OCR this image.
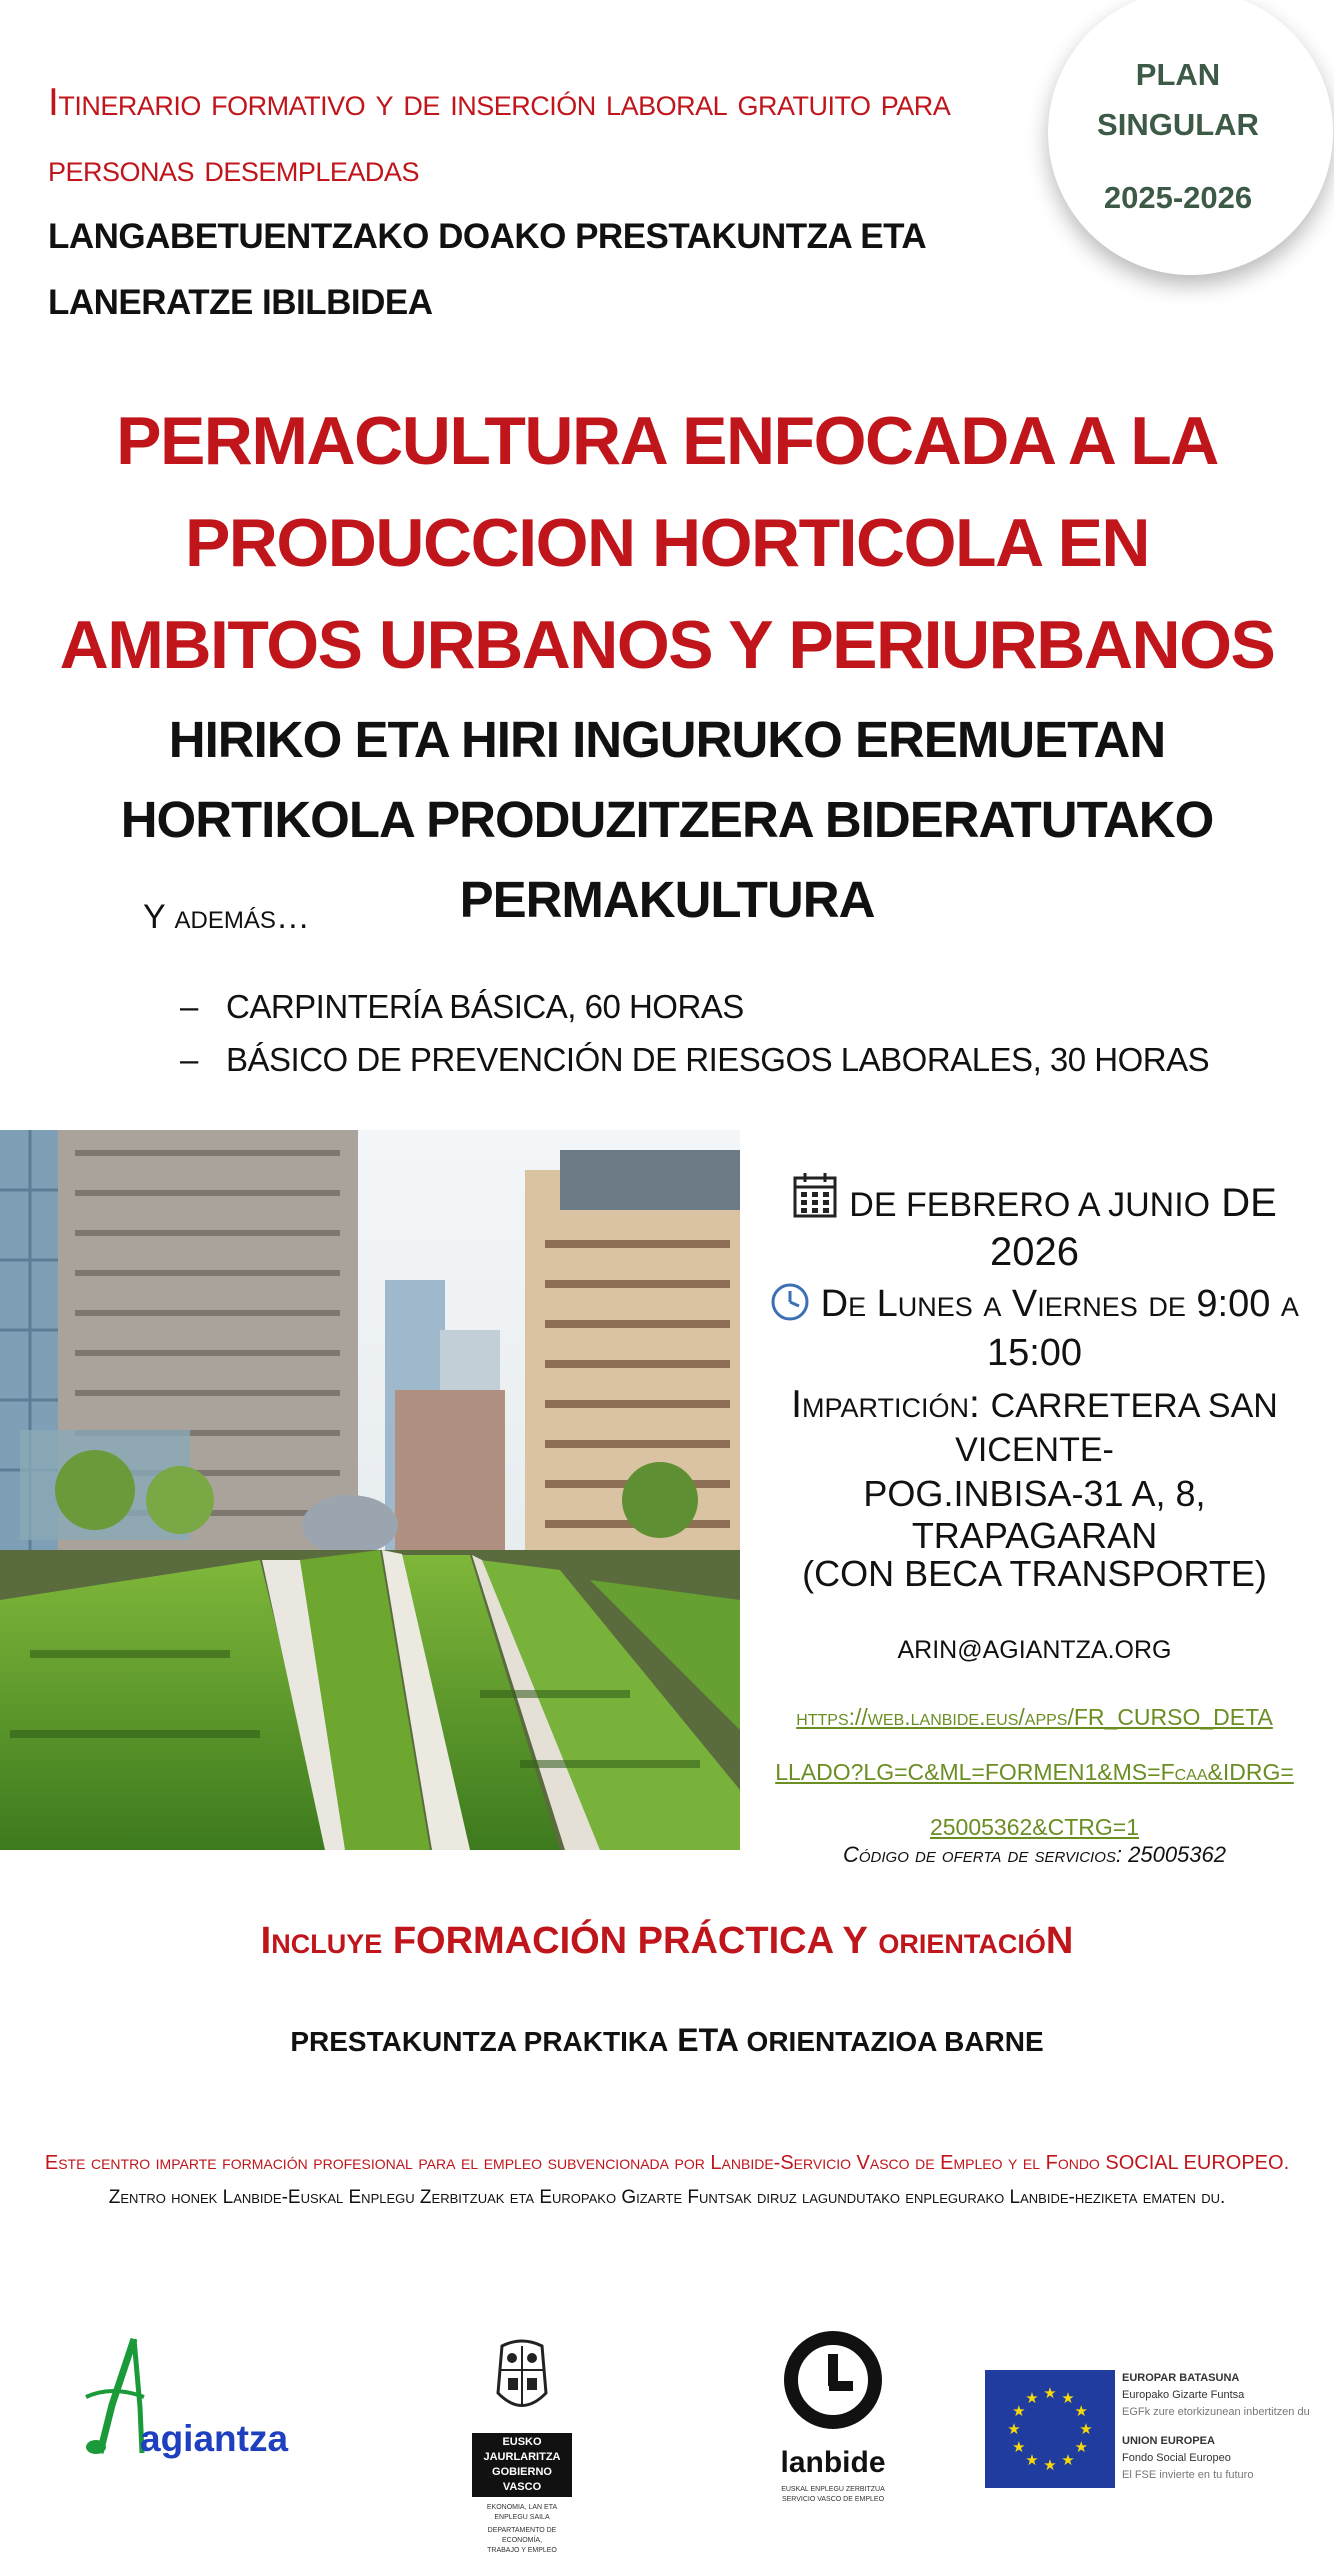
Itinerario formativo y de inserción laboral gratuito para personas desempleadas
LANGABETUENTZAKO DOAKO PRESTAKUNTZA ETA LANERATZE IBILBIDEA
PLAN
SINGULAR
2025-2026
PERMACULTURA ENFOCADA A LA PRODUCCION HORTICOLA EN AMBITOS URBANOS Y PERIURBANOS
HIRIKO ETA HIRI INGURUKO EREMUETAN HORTIKOLA PRODUZITZERA BIDERATUTAKO PERMAKULTURA
Y además…
– CARPINTERÍA BÁSICA, 60 HORAS
– BÁSICO DE PREVENCIÓN DE RIESGOS LABORALES, 30 HORAS
DE FEBRERO A JUNIO DE 2026
De Lunes a Viernes de 9:00 a 15:00
Impartición: CARRETERA SAN VICENTE-
POG.INBISA-31 A, 8, TRAPAGARAN
(CON BECA TRANSPORTE)
ARIN@AGIANTZA.ORG
https://web.lanbide.eus/apps/FR_CURSO_DETA
LLADO?LG=C&ML=FORMEN1&MS=Fcaa&IDRG=
25005362&CTRG=1
Código de oferta de servicios: 25005362
Incluye FORMACIÓN PRÁCTICA Y orientacióN
PRESTAKUNTZA PRAKTIKA ETA ORIENTAZIOA BARNE
Este centro imparte formación profesional para el empleo subvencionada por Lanbide-Servicio Vasco de Empleo y el Fondo SOCIAL EUROPEO.
Zentro honek Lanbide-Euskal Enplegu Zerbitzuak eta Europako Gizarte Funtsak diruz lagundutako enplegurako Lanbide-heziketa ematen du.
agiantza	EUSKO JAURLARITZA
GOBIERNO VASCO
EKONOMIA, LAN ETA
ENPLEGU SAILA
DEPARTAMENTO DE ECONOMÍA,
TRABAJO Y EMPLEO
lanbide
EUSKAL ENPLEGU ZERBITZUA
SERVICIO VASCO DE EMPLEO
★
★
★
★
★
★
★
★
★ ★ ★
★
EUROPAR BATASUNA
Europako Gizarte Funtsa
EGFk zure etorkizunean inbertitzen du
UNION EUROPEA
Fondo Social Europeo
El FSE invierte en tu futuro
